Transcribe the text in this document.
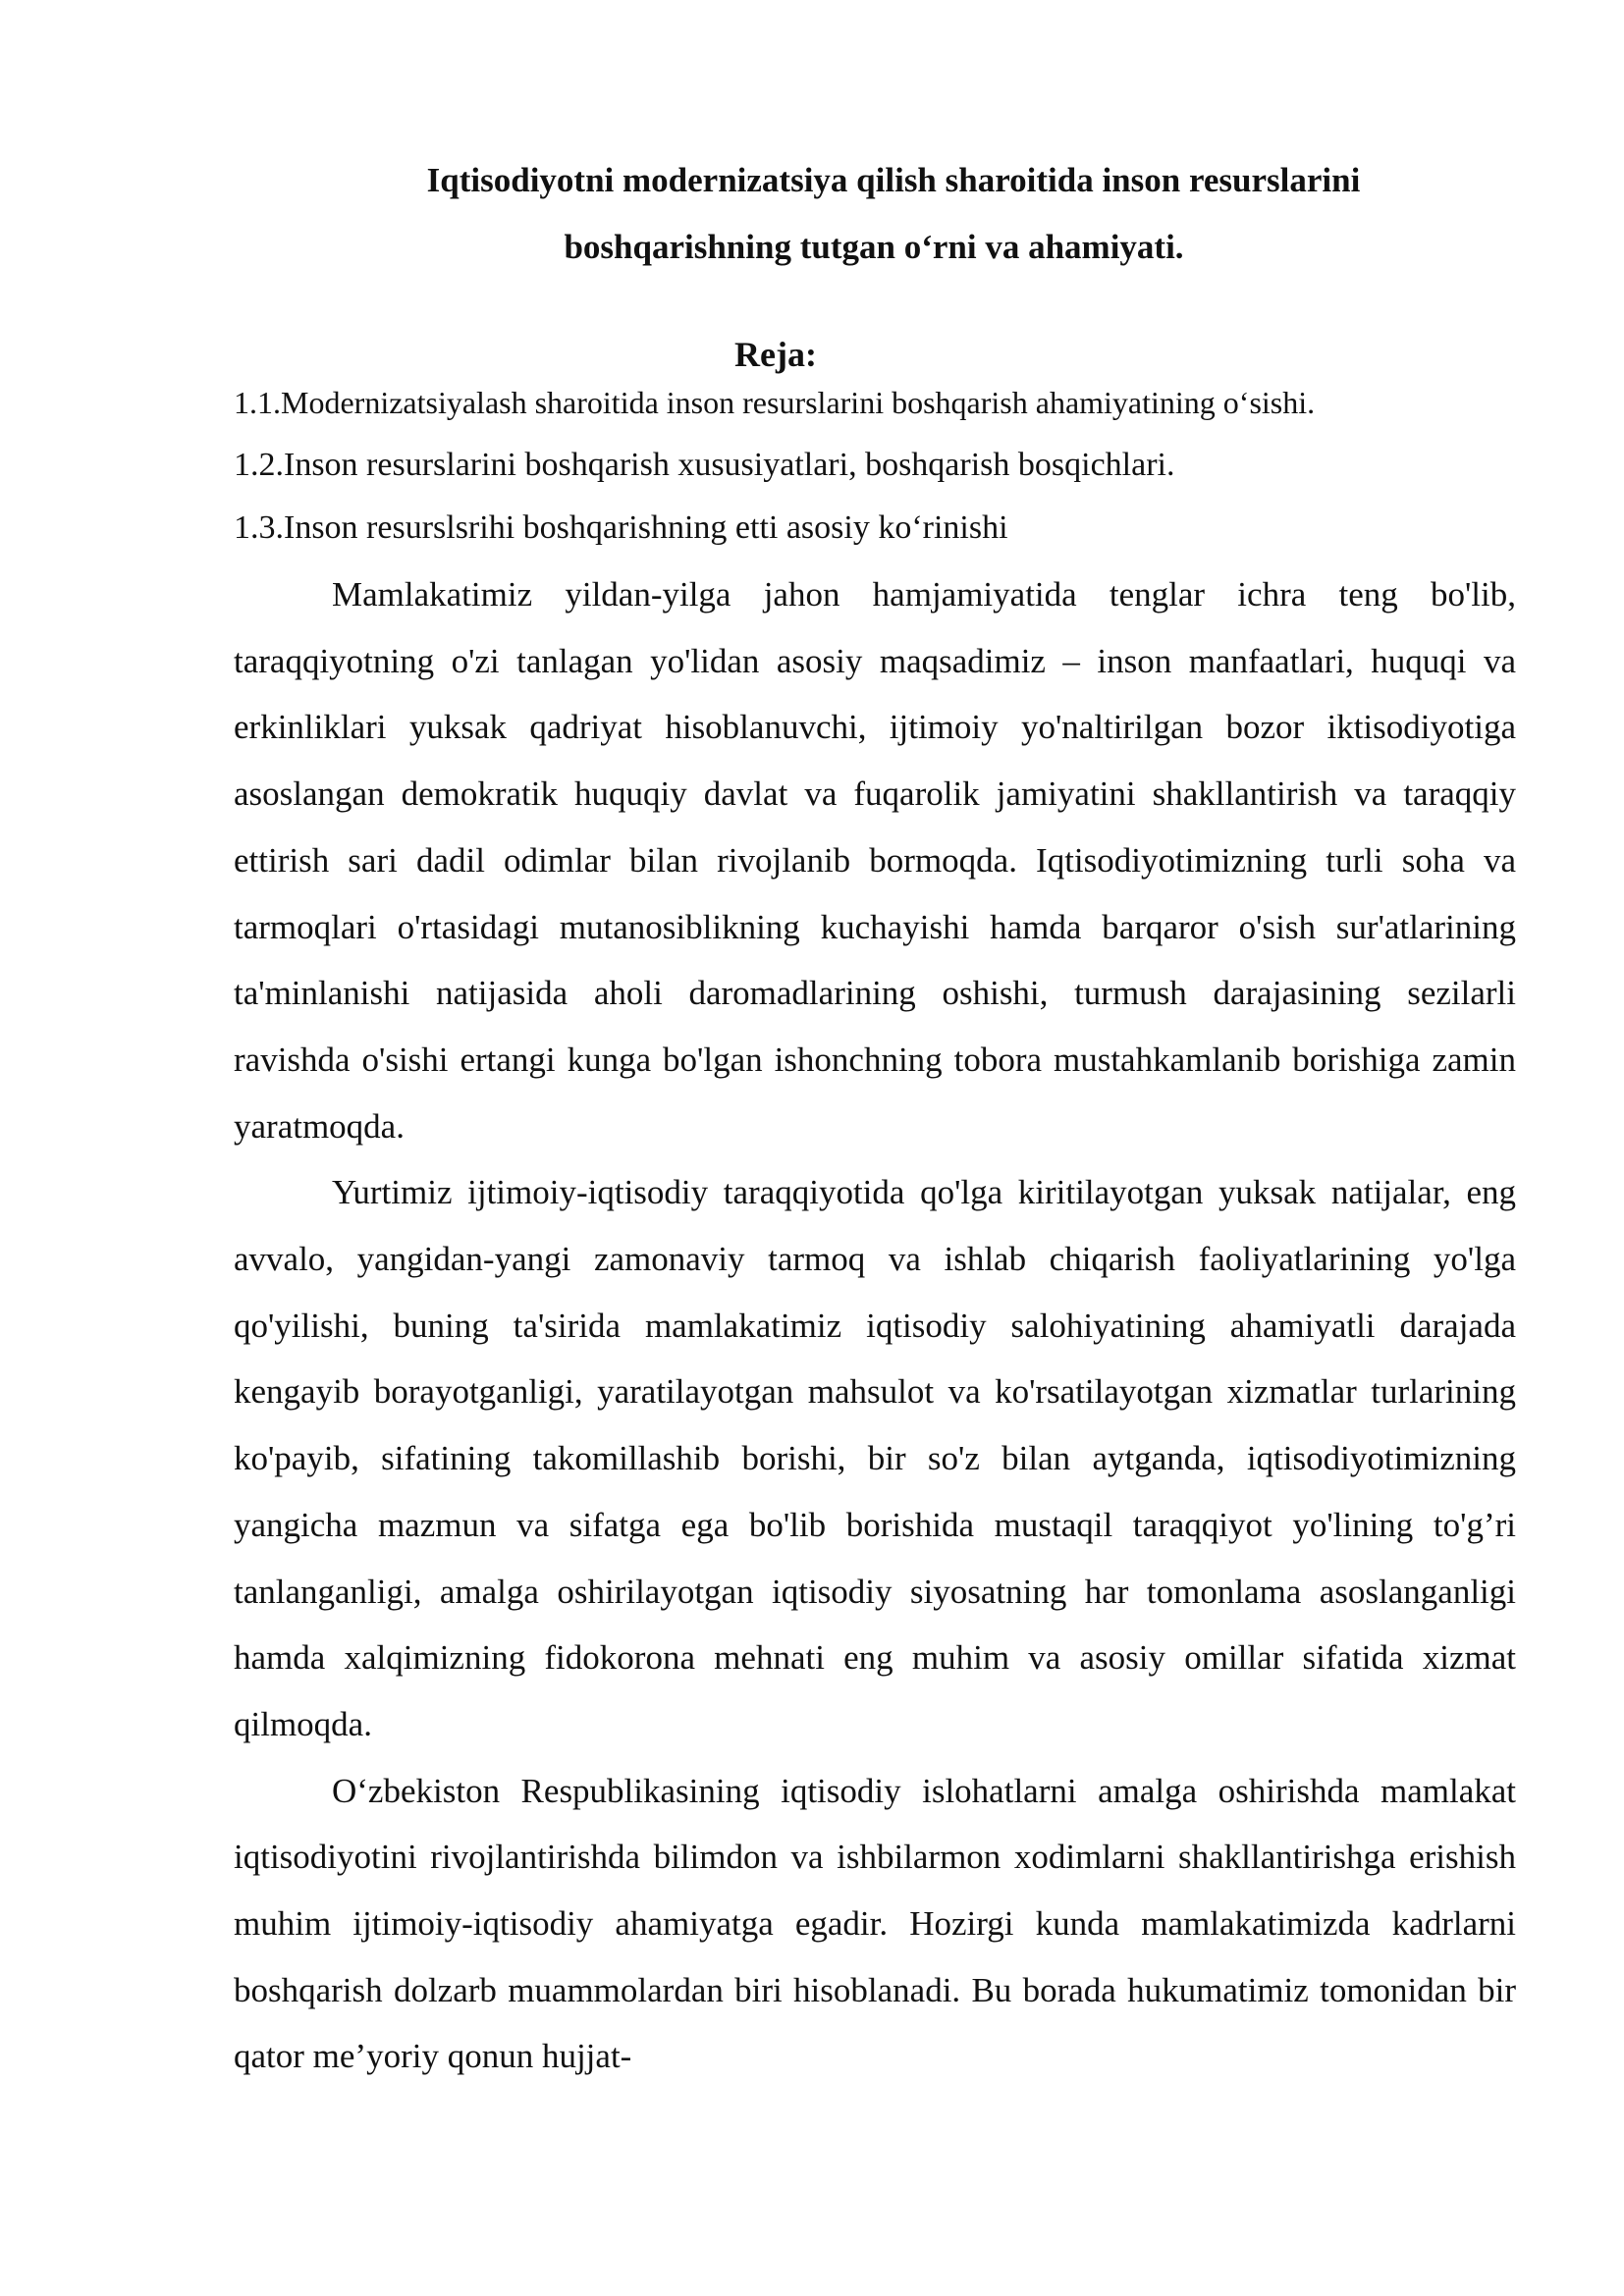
Iqtisodiyotni modernizatsiya qilish sharoitida inson resurslarini
boshqarishning tutgan o‘rni va ahamiyati.
Reja:
1.1.Modernizatsiyalash sharoitida inson resurslarini boshqarish ahamiyatining o‘sishi.
1.2.Inson resurslarini boshqarish xususiyatlari, boshqarish bosqichlari.
1.3.Inson resurslsrihi boshqarishning etti asosiy ko‘rinishi

Mamlakatimiz yildan-yilga jahon hamjamiyatida tenglar ichra teng bo'lib, taraqqiyotning o'zi tanlagan yo'lidan asosiy maqsadimiz – inson manfaatlari, huquqi va erkinliklari yuksak qadriyat hisoblanuvchi, ijtimoiy yo'naltirilgan bozor iktisodiyotiga asoslangan demokratik huquqiy davlat va fuqarolik jamiyatini shakllantirish va taraqqiy ettirish sari dadil odimlar bilan rivojlanib bormoqda. Iqtisodiyotimizning turli soha va tarmoqlari o'rtasidagi mutanosiblikning kuchayishi hamda barqaror o'sish sur'atlarining ta'minlanishi natijasida aholi daromadlarining oshishi, turmush darajasining sezilarli ravishda o'sishi ertangi kunga bo'lgan ishonchning tobora mustahkamlanib borishiga zamin yaratmoqda.

Yurtimiz ijtimoiy-iqtisodiy taraqqiyotida qo'lga kiritilayotgan yuksak natijalar, eng avvalo, yangidan-yangi zamonaviy tarmoq va ishlab chiqarish faoliyatlarining yo'lga qo'yilishi, buning ta'sirida mamlakatimiz iqtisodiy salohiyatining ahamiyatli darajada kengayib borayotganligi, yaratilayotgan mahsulot va ko'rsatilayotgan xizmatlar turlarining ko'payib, sifatining takomillashib borishi, bir so'z bilan aytganda, iqtisodiyotimizning yangicha mazmun va sifatga ega bo'lib borishida mustaqil taraqqiyot yo'lining to'g’ri tanlanganligi, amalga oshirilayotgan iqtisodiy siyosatning har tomonlama asoslanganligi hamda xalqimizning fidokorona mehnati eng muhim va asosiy omillar sifatida xizmat qilmoqda.

O‘zbekiston Respublikasining iqtisodiy islohatlarni amalga oshirishda mamlakat iqtisodiyotini rivojlantirishda bilimdon va ishbilarmon xodimlarni shakllantirishga erishish muhim ijtimoiy-iqtisodiy ahamiyatga egadir. Hozirgi kunda mamlakatimizda kadrlarni boshqarish dolzarb muammolardan biri hisoblanadi. Bu borada hukumatimiz tomonidan bir qator me’yoriy qonun hujjat-
